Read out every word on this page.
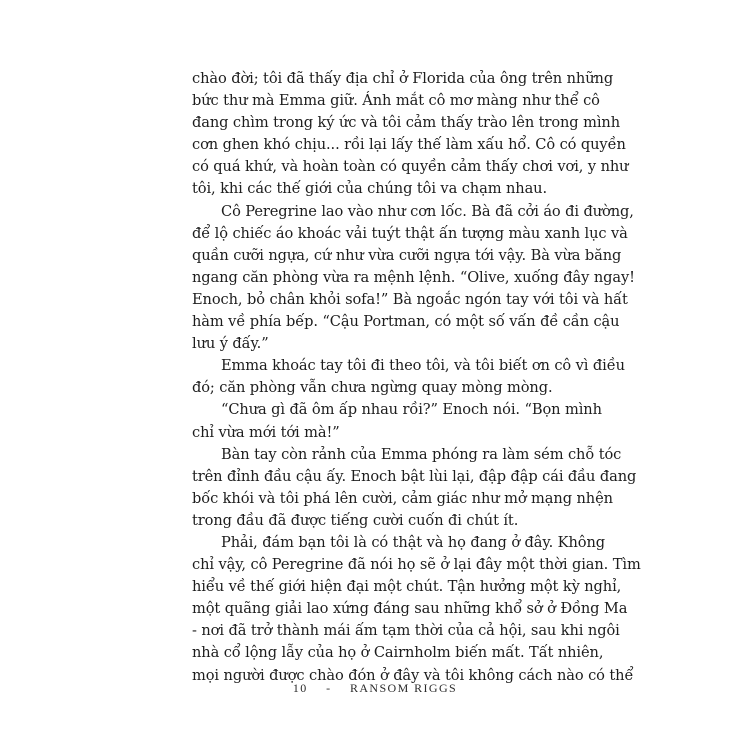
chào đời; tôi đã thấy địa chỉ ở Florida của ông trên những
bức thư mà Emma giữ. Ánh mắt cô mơ màng như thể cô
đang chìm trong ký ức và tôi cảm thấy trào lên trong mình
cơn ghen khó chịu... rồi lại lấy thế làm xấu hổ. Cô có quyền
có quá khứ, và hoàn toàn có quyền cảm thấy chơi vơi, y như
tôi, khi các thế giới của chúng tôi va chạm nhau.
Cô Peregrine lao vào như cơn lốc. Bà đã cởi áo đi đường,
để lộ chiếc áo khoác vải tuýt thật ấn tượng màu xanh lục và
quần cưỡi ngựa, cứ như vừa cưỡi ngựa tới vậy. Bà vừa băng
ngang căn phòng vừa ra mệnh lệnh. “Olive, xuống đây ngay!
Enoch, bỏ chân khỏi sofa!” Bà ngoắc ngón tay với tôi và hất
hàm về phía bếp. “Cậu Portman, có một số vấn đề cần cậu
lưu ý đấy.”
Emma khoác tay tôi đi theo tôi, và tôi biết ơn cô vì điều
đó; căn phòng vẫn chưa ngừng quay mòng mòng.
“Chưa gì đã ôm ấp nhau rồi?” Enoch nói. “Bọn mình
chỉ vừa mới tới mà!”
Bàn tay còn rảnh của Emma phóng ra làm sém chỗ tóc
trên đỉnh đầu cậu ấy. Enoch bật lùi lại, đập đập cái đầu đang
bốc khói và tôi phá lên cười, cảm giác như mở mạng nhện
trong đầu đã được tiếng cười cuốn đi chút ít.
Phải, đám bạn tôi là có thật và họ đang ở đây. Không
chỉ vậy, cô Peregrine đã nói họ sẽ ở lại đây một thời gian. Tìm
hiểu về thế giới hiện đại một chút. Tận hưởng một kỳ nghỉ,
một quãng giải lao xứng đáng sau những khổ sở ở Đồng Ma
- nơi đã trở thành mái ấm tạm thời của cả hội, sau khi ngôi
nhà cổ lộng lẫy của họ ở Cairnholm biến mất. Tất nhiên,
mọi người được chào đón ở đây và tôi không cách nào có thể
10 - RANSOM RIGGS
